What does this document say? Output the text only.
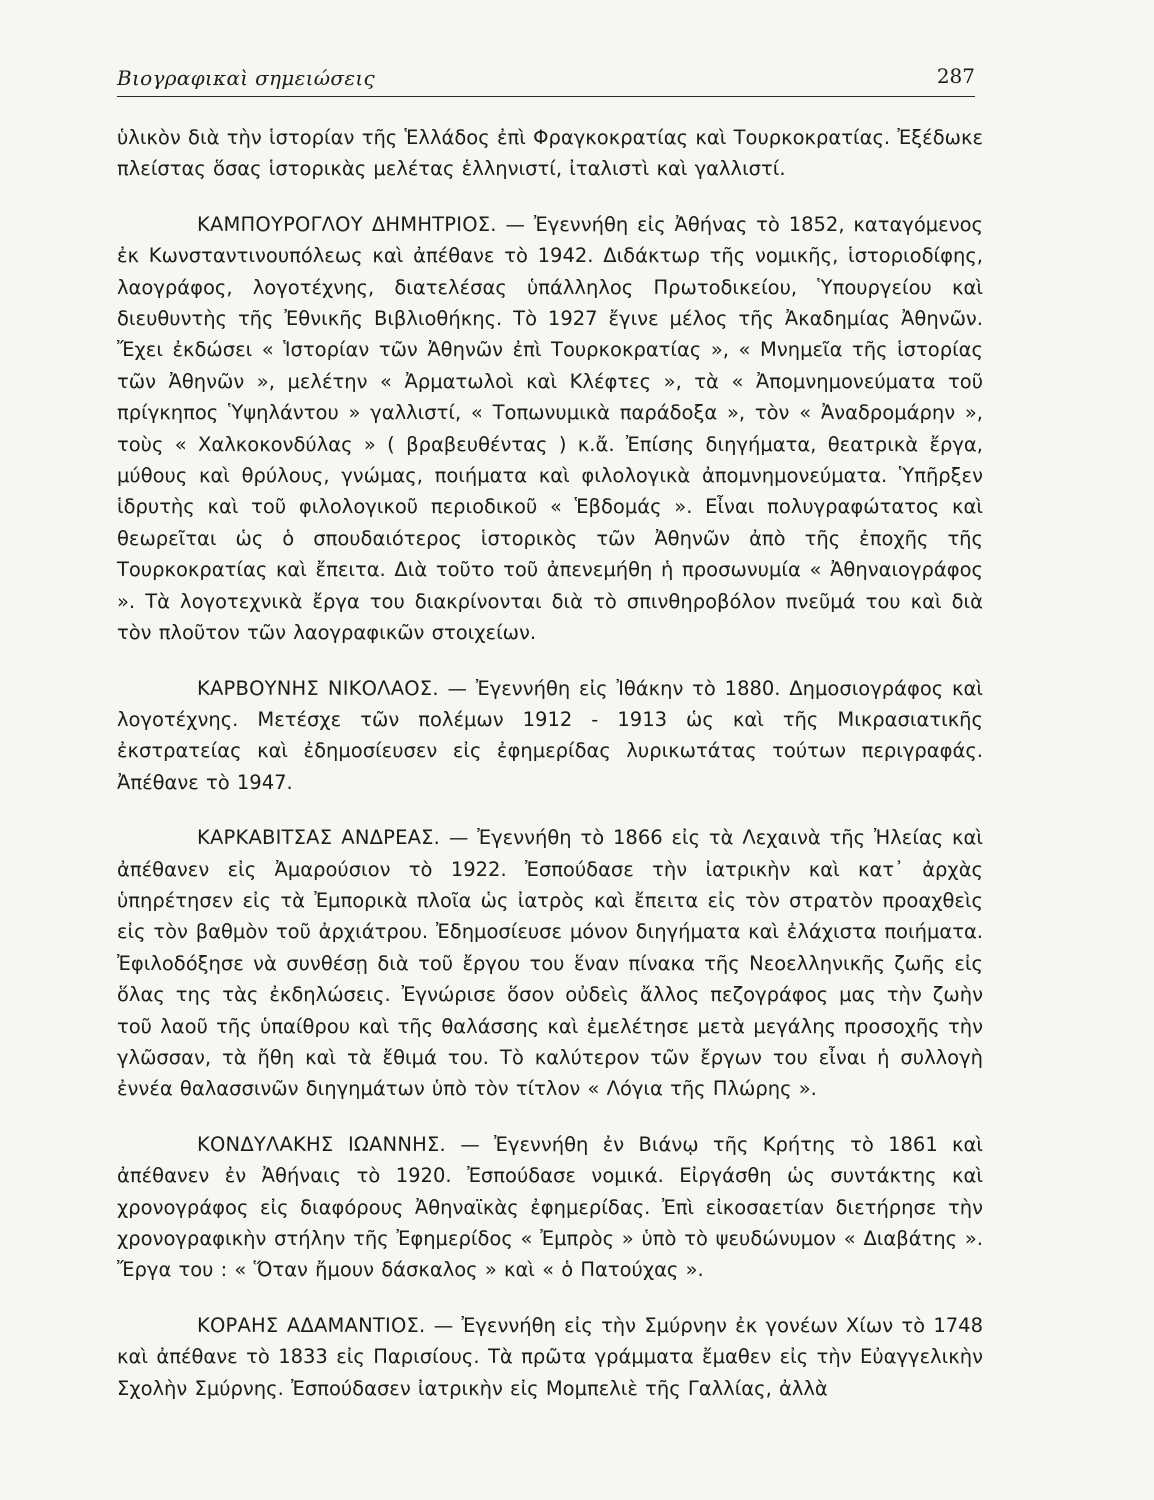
Βιογραφικαὶ σημειώσεις	287

ὑλικὸν διὰ τὴν ἱστορίαν τῆς Ἑλλάδος ἐπὶ Φραγκοκρατίας καὶ Τουρκοκρατίας. Ἐξέδωκε πλείστας ὅσας ἱστορικὰς μελέτας ἑλληνιστί, ἰταλιστὶ καὶ γαλλιστί.

ΚΑΜΠΟΥΡΟΓΛΟΥ ΔΗΜΗΤΡΙΟΣ. — Ἐγεννήθη εἰς Ἀθήνας τὸ 1852, καταγόμενος ἐκ Κωνσταντινουπόλεως καὶ ἀπέθανε τὸ 1942. Διδάκτωρ τῆς νομικῆς, ἱστοριοδίφης, λαογράφος, λογοτέχνης, διατελέσας ὑπάλληλος Πρωτοδικείου, Ὑπουργείου καὶ διευθυντὴς τῆς Ἐθνικῆς Βιβλιοθήκης. Τὸ 1927 ἔγινε μέλος τῆς Ἀκαδημίας Ἀθηνῶν. Ἔχει ἐκδώσει « Ἱστορίαν τῶν Ἀθηνῶν ἐπὶ Τουρκοκρατίας », « Μνημεῖα τῆς ἱστορίας τῶν Ἀθηνῶν », μελέτην « Ἀρματωλοὶ καὶ Κλέφτες », τὰ « Ἀπομνημονεύματα τοῦ πρίγκηπος Ὑψηλάντου » γαλλιστί, « Τοπωνυμικὰ παράδοξα », τὸν « Ἀναδρομάρην », τοὺς « Χαλκοκονδύλας » ( βραβευθέντας ) κ.ἄ. Ἐπίσης διηγήματα, θεατρικὰ ἔργα, μύθους καὶ θρύλους, γνώμας, ποιήματα καὶ φιλολογικὰ ἀπομνημονεύματα. Ὑπῆρξεν ἱδρυτὴς καὶ τοῦ φιλολογικοῦ περιοδικοῦ « Ἑβδομάς ». Εἶναι πολυγραφώτατος καὶ θεωρεῖται ὡς ὁ σπουδαιότερος ἱστορικὸς τῶν Ἀθηνῶν ἀπὸ τῆς ἐποχῆς τῆς Τουρκοκρατίας καὶ ἔπειτα. Διὰ τοῦτο τοῦ ἀπενεμήθη ἡ προσωνυμία « Ἀθηναιογράφος ». Τὰ λογοτεχνικὰ ἔργα του διακρίνονται διὰ τὸ σπινθηροβόλον πνεῦμά του καὶ διὰ τὸν πλοῦτον τῶν λαογραφικῶν στοιχείων.

ΚΑΡΒΟΥΝΗΣ ΝΙΚΟΛΑΟΣ. — Ἐγεννήθη εἰς Ἰθάκην τὸ 1880. Δημοσιογράφος καὶ λογοτέχνης. Μετέσχε τῶν πολέμων 1912 - 1913 ὡς καὶ τῆς Μικρασιατικῆς ἐκστρατείας καὶ ἐδημοσίευσεν εἰς ἐφημερίδας λυρικωτάτας τούτων περιγραφάς. Ἀπέθανε τὸ 1947.

ΚΑΡΚΑΒΙΤΣΑΣ ΑΝΔΡΕΑΣ. — Ἐγεννήθη τὸ 1866 εἰς τὰ Λεχαινὰ τῆς Ἠλείας καὶ ἀπέθανεν εἰς Ἀμαρούσιον τὸ 1922. Ἐσπούδασε τὴν ἰατρικὴν καὶ κατ᾽ ἀρχὰς ὑπηρέτησεν εἰς τὰ Ἐμπορικὰ πλοῖα ὡς ἰατρὸς καὶ ἔπειτα εἰς τὸν στρατὸν προαχθεὶς εἰς τὸν βαθμὸν τοῦ ἀρχιάτρου. Ἐδημοσίευσε μόνον διηγήματα καὶ ἐλάχιστα ποιήματα. Ἐφιλοδόξησε νὰ συνθέσῃ διὰ τοῦ ἔργου του ἕναν πίνακα τῆς Νεοελληνικῆς ζωῆς εἰς ὅλας της τὰς ἐκδηλώσεις. Ἐγνώρισε ὅσον οὐδεὶς ἄλλος πεζογράφος μας τὴν ζωὴν τοῦ λαοῦ τῆς ὑπαίθρου καὶ τῆς θαλάσσης καὶ ἐμελέτησε μετὰ μεγάλης προσοχῆς τὴν γλῶσσαν, τὰ ἤθη καὶ τὰ ἔθιμά του. Τὸ καλύτερον τῶν ἔργων του εἶναι ἡ συλλογὴ ἐννέα θαλασσινῶν διηγημάτων ὑπὸ τὸν τίτλον « Λόγια τῆς Πλώρης ».

ΚΟΝΔΥΛΑΚΗΣ ΙΩΑΝΝΗΣ. — Ἐγεννήθη ἐν Βιάνῳ τῆς Κρήτης τὸ 1861 καὶ ἀπέθανεν ἐν Ἀθήναις τὸ 1920. Ἐσπούδασε νομικά. Εἰργάσθη ὡς συντάκτης καὶ χρονογράφος εἰς διαφόρους Ἀθηναϊκὰς ἐφημερίδας. Ἐπὶ εἰκοσαετίαν διετήρησε τὴν χρονογραφικὴν στήλην τῆς Ἐφημερίδος « Ἐμπρὸς » ὑπὸ τὸ ψευδώνυμον « Διαβάτης ». Ἔργα του : « Ὅταν ἤμουν δάσκαλος » καὶ « ὁ Πατούχας ».

ΚΟΡΑΗΣ ΑΔΑΜΑΝΤΙΟΣ. — Ἐγεννήθη εἰς τὴν Σμύρνην ἐκ γονέων Χίων τὸ 1748 καὶ ἀπέθανε τὸ 1833 εἰς Παρισίους. Τὰ πρῶτα γράμματα ἔμαθεν εἰς τὴν Εὐαγγελικὴν Σχολὴν Σμύρνης. Ἐσπούδασεν ἰατρικὴν εἰς Μομπελιὲ τῆς Γαλλίας, ἀλλὰ
